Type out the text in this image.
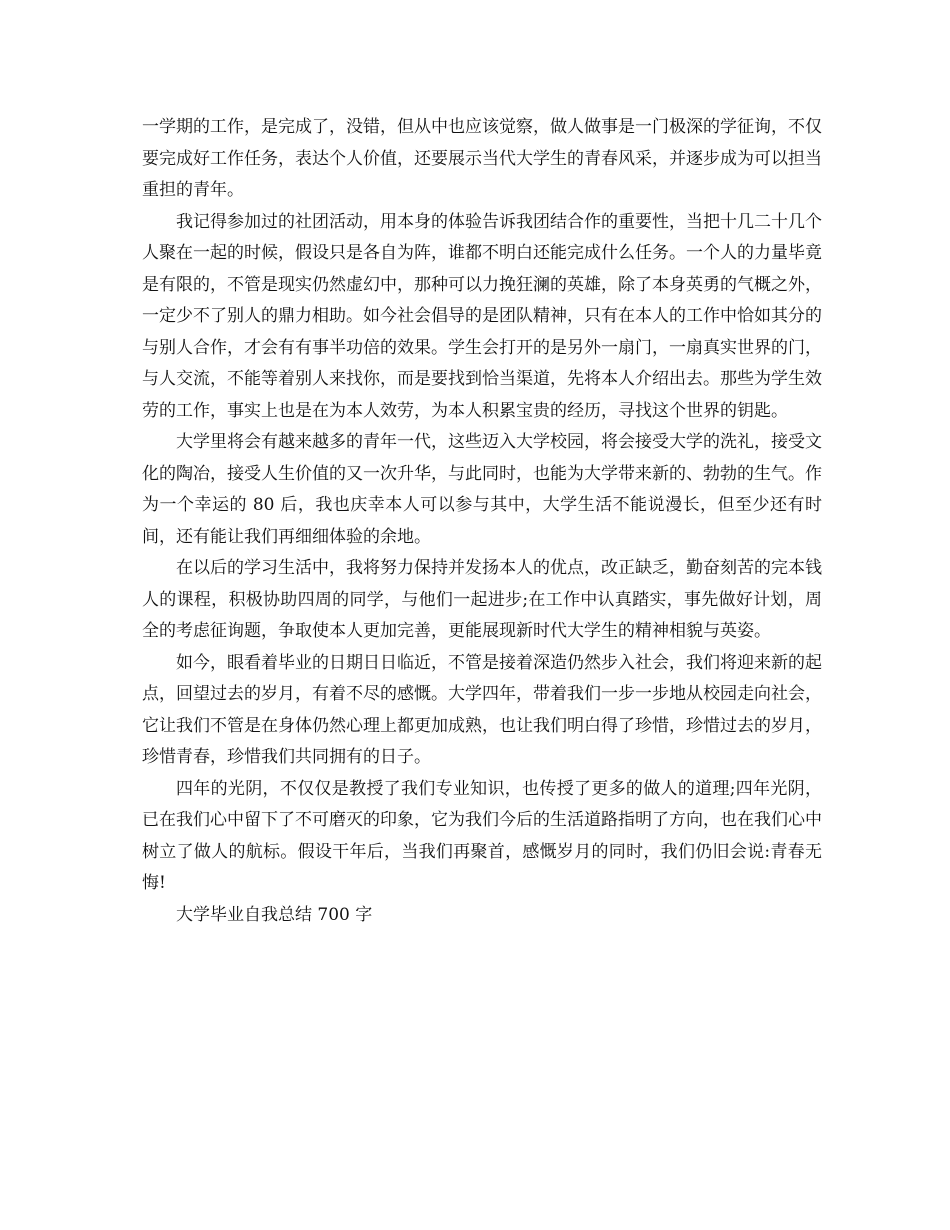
一学期的工作，是完成了，没错，但从中也应该觉察，做人做事是一门极深的学征询，不仅要完成好工作任务，表达个人价值，还要展示当代大学生的青春风采，并逐步成为可以担当重担的青年。

我记得参加过的社团活动，用本身的体验告诉我团结合作的重要性，当把十几二十几个人聚在一起的时候，假设只是各自为阵，谁都不明白还能完成什么任务。一个人的力量毕竟是有限的，不管是现实仍然虚幻中，那种可以力挽狂澜的英雄，除了本身英勇的气概之外，一定少不了别人的鼎力相助。如今社会倡导的是团队精神，只有在本人的工作中恰如其分的与别人合作，才会有有事半功倍的效果。学生会打开的是另外一扇门，一扇真实世界的门，与人交流，不能等着别人来找你，而是要找到恰当渠道，先将本人介绍出去。那些为学生效劳的工作，事实上也是在为本人效劳，为本人积累宝贵的经历，寻找这个世界的钥匙。

大学里将会有越来越多的青年一代，这些迈入大学校园，将会接受大学的洗礼，接受文化的陶冶，接受人生价值的又一次升华，与此同时，也能为大学带来新的、勃勃的生气。作为一个幸运的 80 后，我也庆幸本人可以参与其中，大学生活不能说漫长，但至少还有时间，还有能让我们再细细体验的余地。

在以后的学习生活中，我将努力保持并发扬本人的优点，改正缺乏，勤奋刻苦的完本钱人的课程，积极协助四周的同学，与他们一起进步;在工作中认真踏实，事先做好计划，周全的考虑征询题，争取使本人更加完善，更能展现新时代大学生的精神相貌与英姿。

如今，眼看着毕业的日期日日临近，不管是接着深造仍然步入社会，我们将迎来新的起点，回望过去的岁月，有着不尽的感慨。大学四年，带着我们一步一步地从校园走向社会，它让我们不管是在身体仍然心理上都更加成熟，也让我们明白得了珍惜，珍惜过去的岁月，珍惜青春，珍惜我们共同拥有的日子。

四年的光阴，不仅仅是教授了我们专业知识，也传授了更多的做人的道理;四年光阴，已在我们心中留下了不可磨灭的印象，它为我们今后的生活道路指明了方向，也在我们心中树立了做人的航标。假设干年后，当我们再聚首，感慨岁月的同时，我们仍旧会说:青春无悔!

大学毕业自我总结 700 字
